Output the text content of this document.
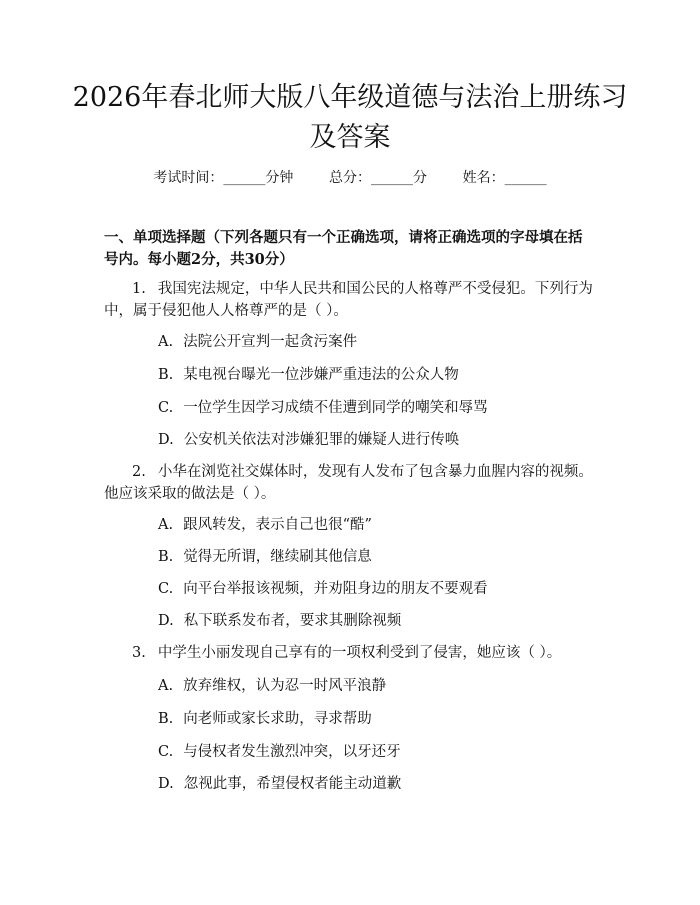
2026年春北师大版八年级道德与法治上册练习及答案
考试时间：______分钟	总分：______分	姓名：______

一、单项选择题（下列各题只有一个正确选项，请将正确选项的字母填在括号内。每小题2分，共30分）

1. 我国宪法规定，中华人民共和国公民的人格尊严不受侵犯。下列行为中，属于侵犯他人人格尊严的是（ ）。

A. 法院公开宣判一起贪污案件
B. 某电视台曝光一位涉嫌严重违法的公众人物
C. 一位学生因学习成绩不佳遭到同学的嘲笑和辱骂
D. 公安机关依法对涉嫌犯罪的嫌疑人进行传唤

2. 小华在浏览社交媒体时，发现有人发布了包含暴力血腥内容的视频。他应该采取的做法是（ ）。

A. 跟风转发，表示自己也很“酷”
B. 觉得无所谓，继续刷其他信息
C. 向平台举报该视频，并劝阻身边的朋友不要观看
D. 私下联系发布者，要求其删除视频

3. 中学生小丽发现自己享有的一项权利受到了侵害，她应该（ ）。

A. 放弃维权，认为忍一时风平浪静
B. 向老师或家长求助，寻求帮助
C. 与侵权者发生激烈冲突，以牙还牙
D. 忽视此事，希望侵权者能主动道歉
